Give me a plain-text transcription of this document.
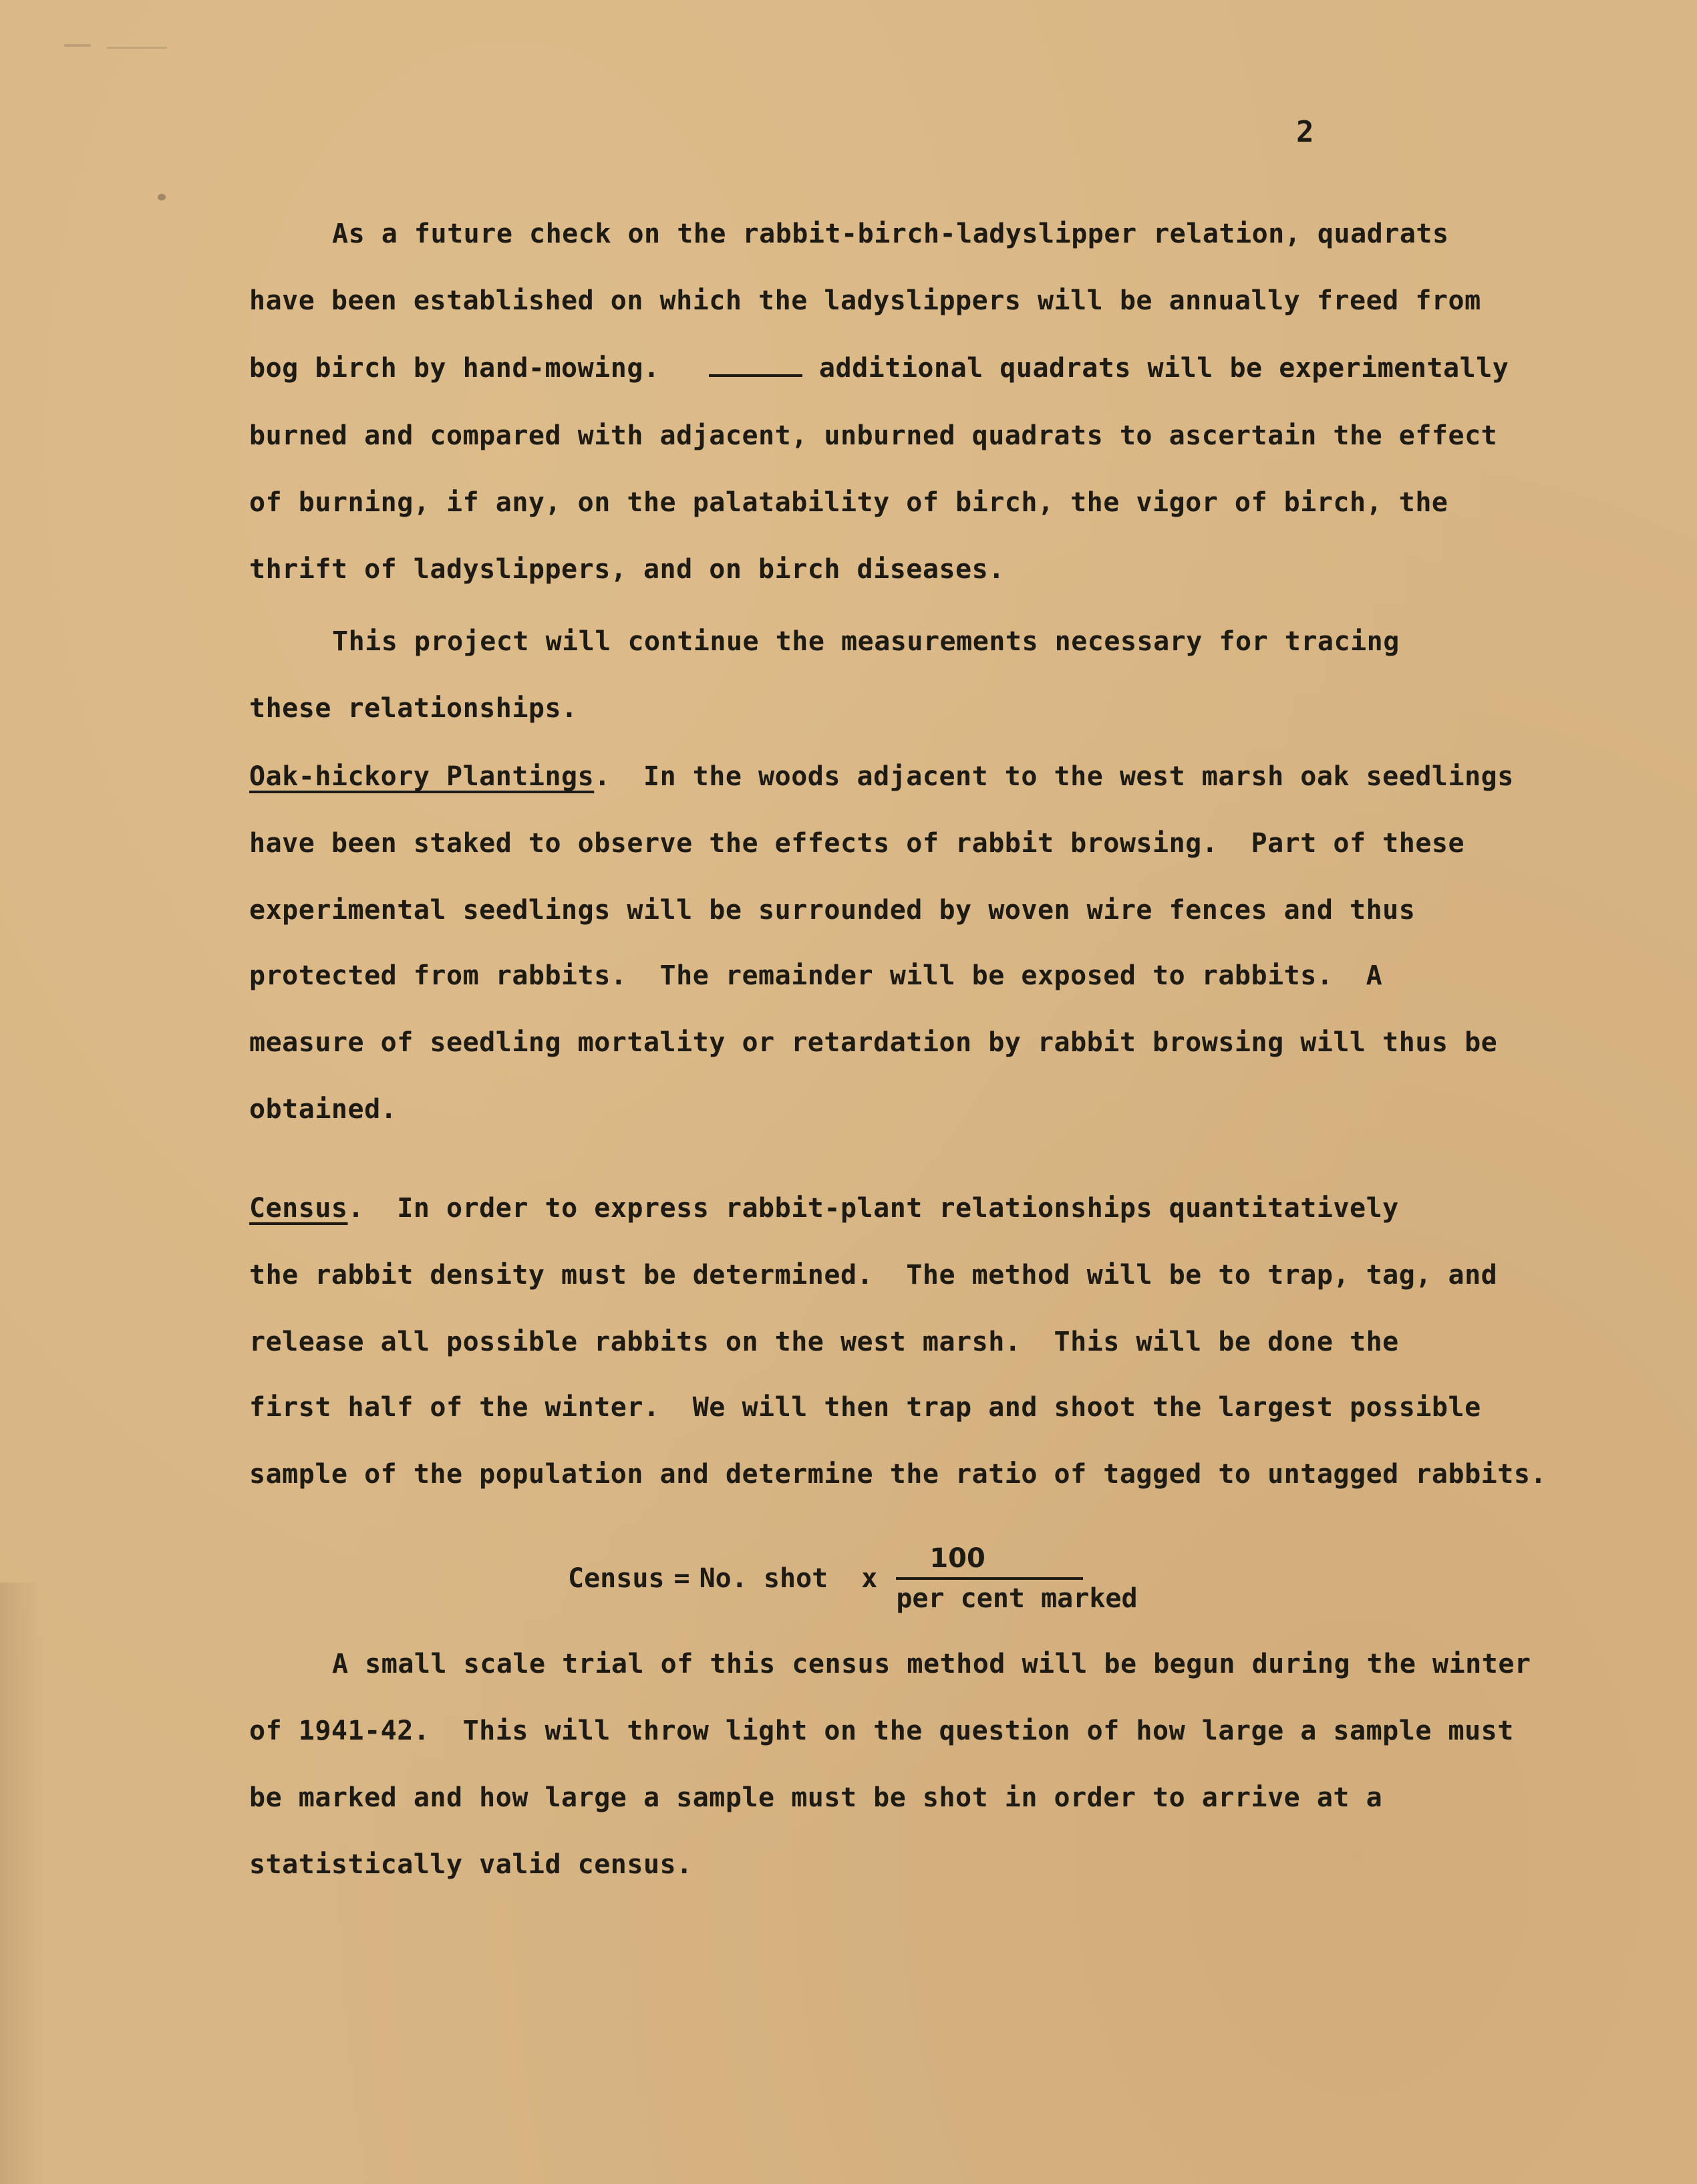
2
As a future check on the rabbit-birch-ladyslipper relation, quadrats
have been established on which the ladyslippers will be annually freed from
bog birch by hand-mowing.	additional quadrats will be experimentally
burned and compared with adjacent, unburned quadrats to ascertain the effect
of burning, if any, on the palatability of birch, the vigor of birch, the
thrift of ladyslippers, and on birch diseases.
This project will continue the measurements necessary for tracing
these relationships.
Oak-hickory Plantings.  In the woods adjacent to the west marsh oak seedlings
have been staked to observe the effects of rabbit browsing.  Part of these
experimental seedlings will be surrounded by woven wire fences and thus
protected from rabbits.  The remainder will be exposed to rabbits.  A
measure of seedling mortality or retardation by rabbit browsing will thus be
obtained.
Census.  In order to express rabbit-plant relationships quantitatively
the rabbit density must be determined.  The method will be to trap, tag, and
release all possible rabbits on the west marsh.  This will be done the
first half of the winter.  We will then trap and shoot the largest possible
sample of the population and determine the ratio of tagged to untagged rabbits.
Census = No. shot x $\frac{100}{\text{per cent marked}}$
A small scale trial of this census method will be begun during the winter
of 1941-42.  This will throw light on the question of how large a sample must
be marked and how large a sample must be shot in order to arrive at a
statistically valid census.
